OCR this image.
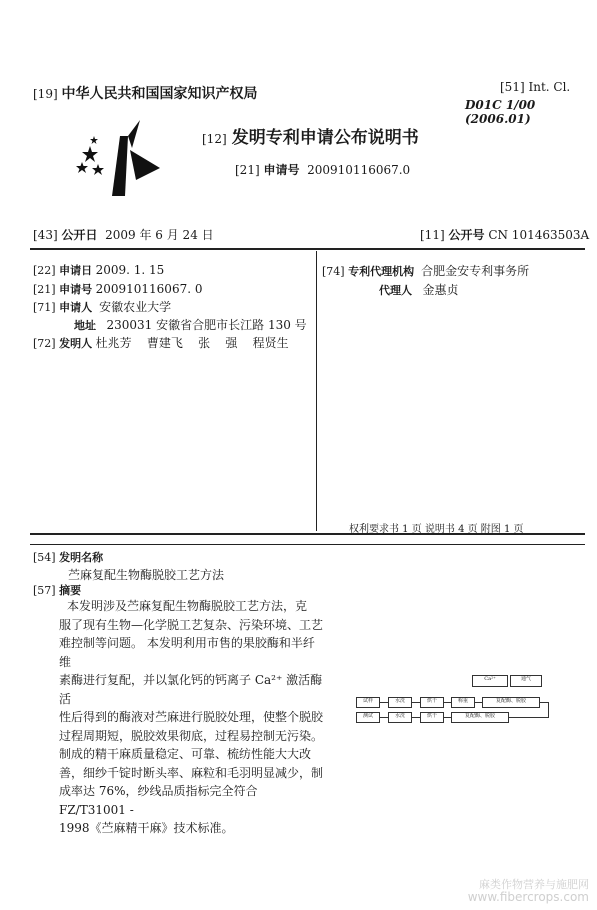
[19] 中华人民共和国国家知识产权局	[51] Int. Cl.
D01C 1/00 (2006.01)
[12] 发明专利申请公布说明书
[21] 申请号 200910116067.0
[43] 公开日 2009 年 6 月 24 日	[11] 公开号 CN 101463503A
[22] 申请日 2009. 1. 15
[21] 申请号 200910116067. 0
[71] 申请人 安徽农业大学
地址 230031 安徽省合肥市长江路 130 号
[72] 发明人 杜兆芳    曹建飞    张    强    程贤生
[74] 专利代理机构 合肥金安专利事务所
代理人 金惠贞
权利要求书 1 页 说明书 4 页 附图 1 页
[54] 发明名称
苎麻复配生物酶脱胶工艺方法
[57] 摘要
本发明涉及苎麻复配生物酶脱胶工艺方法，克
服了现有生物—化学脱工艺复杂、污染环境、工艺
难控制等问题。 本发明利用市售的果胶酶和半纤维
素酶进行复配，并以氯化钙的钙离子 Ca²⁺ 激活酶活
性后得到的酶液对苎麻进行脱胶处理，使整个脱胶
过程周期短，脱胶效果彻底，过程易控制无污染。
制成的精干麻质量稳定、可靠、梳纺性能大大改
善，细纱千锭时断头率、麻粒和毛羽明显减少，制
成率达 76%，纱线品质指标完全符合 FZ/T31001 -
1998《苎麻精干麻》技术标准。
Ca²⁺	通气
试样	水洗	烘干	称重	复配酶、脱胶
测试	水洗	烘干	复配酶、脱胶
麻类作物营养与施肥网
www.fibercrops.com
